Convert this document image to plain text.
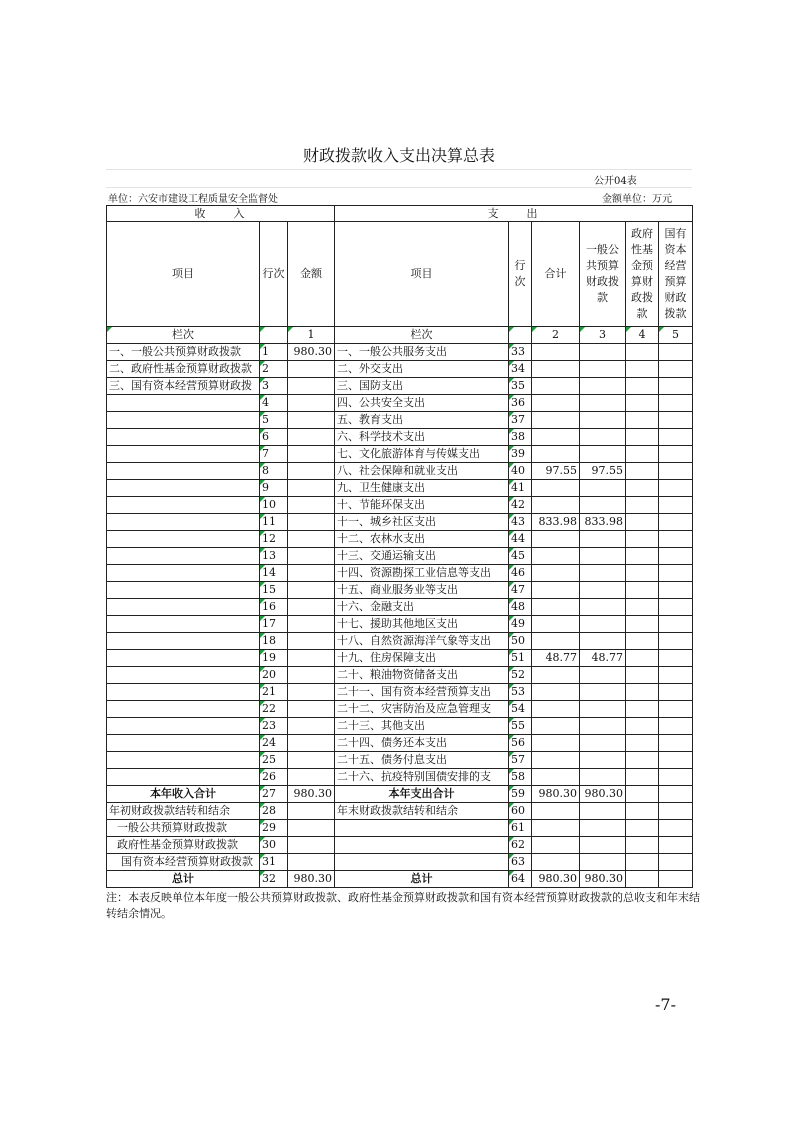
财政拨款收入支出决算总表
公开04表
单位：六安市建设工程质量安全监督处	金额单位：万元
收　　入			支　　出					
项目	行次	金额	项目	行次	合计	一般公共预算财政拨款	政府性基金预算财政拨款	国有资本经营预算财政拨款
栏次		1	栏次		2	3	4	5
一、一般公共预算财政拨款	1	980.30	一、一般公共服务支出	33				
二、政府性基金预算财政拨款	2		二、外交支出	34				
三、国有资本经营预算财政拨	3		三、国防支出	35				
	4		四、公共安全支出	36				
	5		五、教育支出	37				
	6		六、科学技术支出	38				
	7		七、文化旅游体育与传媒支出	39				
	8		八、社会保障和就业支出	40	97.55	97.55		
	9		九、卫生健康支出	41				
	10		十、节能环保支出	42				
	11		十一、城乡社区支出	43	833.98	833.98		
	12		十二、农林水支出	44				
	13		十三、交通运输支出	45				
	14		十四、资源勘探工业信息等支出	46				
	15		十五、商业服务业等支出	47				
	16		十六、金融支出	48				
	17		十七、援助其他地区支出	49				
	18		十八、自然资源海洋气象等支出	50				
	19		十九、住房保障支出	51	48.77	48.77		
	20		二十、粮油物资储备支出	52				
	21		二十一、国有资本经营预算支出	53				
	22		二十二、灾害防治及应急管理支	54				
	23		二十三、其他支出	55				
	24		二十四、债务还本支出	56				
	25		二十五、债务付息支出	57				
	26		二十六、抗疫特别国债安排的支	58				
本年收入合计	27	980.30	本年支出合计	59	980.30	980.30		
年初财政拨款结转和结余	28		年末财政拨款结转和结余	60				
一般公共预算财政拨款	29			61				
政府性基金预算财政拨款	30			62				
国有资本经营预算财政拨款	31			63				
总计	32	980.30	总计	64	980.30	980.30		
注：本表反映单位本年度一般公共预算财政拨款、政府性基金预算财政拨款和国有资本经营预算财政拨款的总收支和年末结转结余情况。
-7-
